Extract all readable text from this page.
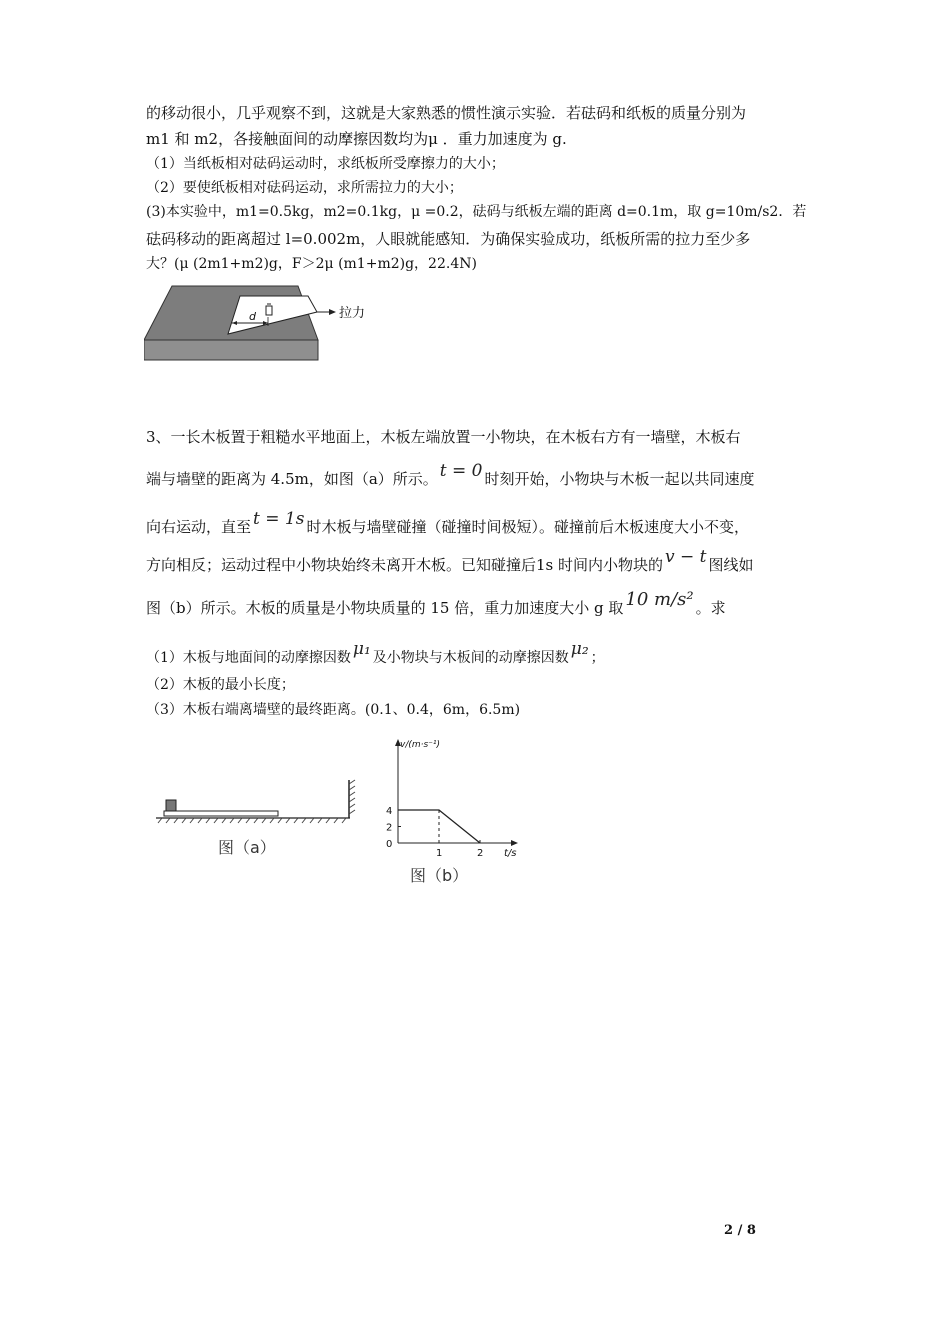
的移动很小，几乎观察不到，这就是大家熟悉的惯性演示实验．若砝码和纸板的质量分别为
m1 和 m2，各接触面间的动摩擦因数均为μ ．重力加速度为 g.
（1）当纸板相对砝码运动时，求纸板所受摩擦力的大小；
（2）要使纸板相对砝码运动，求所需拉力的大小；
(3)本实验中，m1=0.5kg，m2=0.1kg，μ =0.2，砝码与纸板左端的距离 d=0.1m，取 g=10m/s2．若
砝码移动的距离超过 l=0.002m，人眼就能感知．为确保实验成功，纸板所需的拉力至少多
大？(μ (2m1+m2)g，F＞2μ (m1+m2)g，22.4N)
d	拉力
3、一长木板置于粗糙水平地面上，木板左端放置一小物块，在木板右方有一墙壁，木板右
端与墙壁的距离为 4.5m，如图（a）所示。 t = 0 时刻开始，小物块与木板一起以共同速度
向右运动，直至 t = 1s 时木板与墙壁碰撞（碰撞时间极短）。碰撞前后木板速度大小不变，
方向相反；运动过程中小物块始终未离开木板。已知碰撞后1s 时间内小物块的 v − t 图线如
图（b）所示。木板的质量是小物块质量的 15 倍，重力加速度大小 g 取 10 m/s² 。求
（1）木板与地面间的动摩擦因数 μ₁ 及小物块与木板间的动摩擦因数 μ₂ ；
（2）木板的最小长度；
（3）木板右端离墙壁的最终距离。(0.1、0.4，6m，6.5m)
图（a）
v/(m·s⁻¹)
t/s
1	2
0
2
4
图（b）
2 / 8
